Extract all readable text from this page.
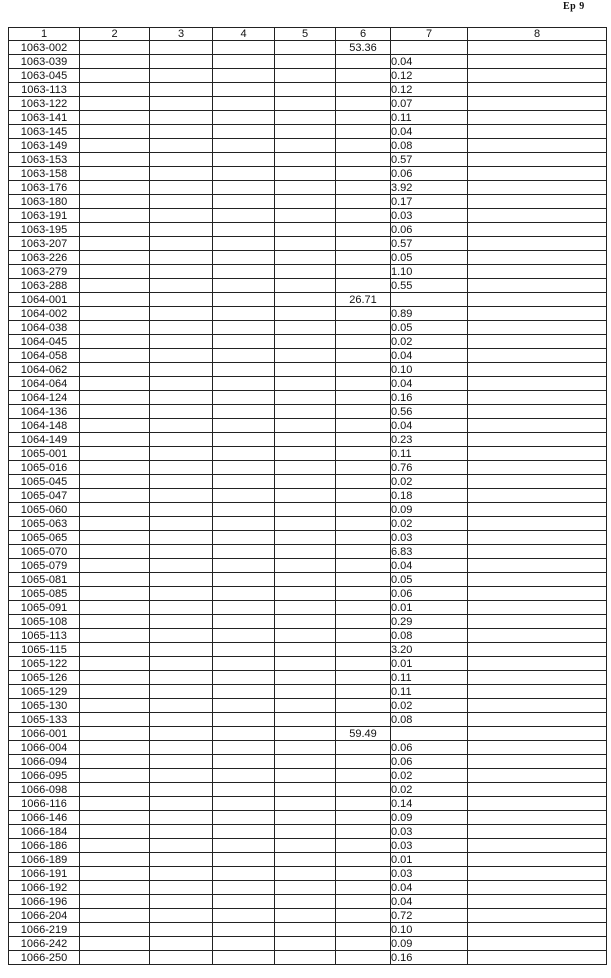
Ep 9
1	2	3	4	5	6	7	8
1063-002					53.36		
1063-039						0.04	
1063-045						0.12	
1063-113						0.12	
1063-122						0.07	
1063-141						0.11	
1063-145						0.04	
1063-149						0.08	
1063-153						0.57	
1063-158						0.06	
1063-176						3.92	
1063-180						0.17	
1063-191						0.03	
1063-195						0.06	
1063-207						0.57	
1063-226						0.05	
1063-279						1.10	
1063-288						0.55	
1064-001					26.71		
1064-002						0.89	
1064-038						0.05	
1064-045						0.02	
1064-058						0.04	
1064-062						0.10	
1064-064						0.04	
1064-124						0.16	
1064-136						0.56	
1064-148						0.04	
1064-149						0.23	
1065-001						0.11	
1065-016						0.76	
1065-045						0.02	
1065-047						0.18	
1065-060						0.09	
1065-063						0.02	
1065-065						0.03	
1065-070						6.83	
1065-079						0.04	
1065-081						0.05	
1065-085						0.06	
1065-091						0.01	
1065-108						0.29	
1065-113						0.08	
1065-115						3.20	
1065-122						0.01	
1065-126						0.11	
1065-129						0.11	
1065-130						0.02	
1065-133						0.08	
1066-001					59.49		
1066-004						0.06	
1066-094						0.06	
1066-095						0.02	
1066-098						0.02	
1066-116						0.14	
1066-146						0.09	
1066-184						0.03	
1066-186						0.03	
1066-189						0.01	
1066-191						0.03	
1066-192						0.04	
1066-196						0.04	
1066-204						0.72	
1066-219						0.10	
1066-242						0.09	
1066-250						0.16	
